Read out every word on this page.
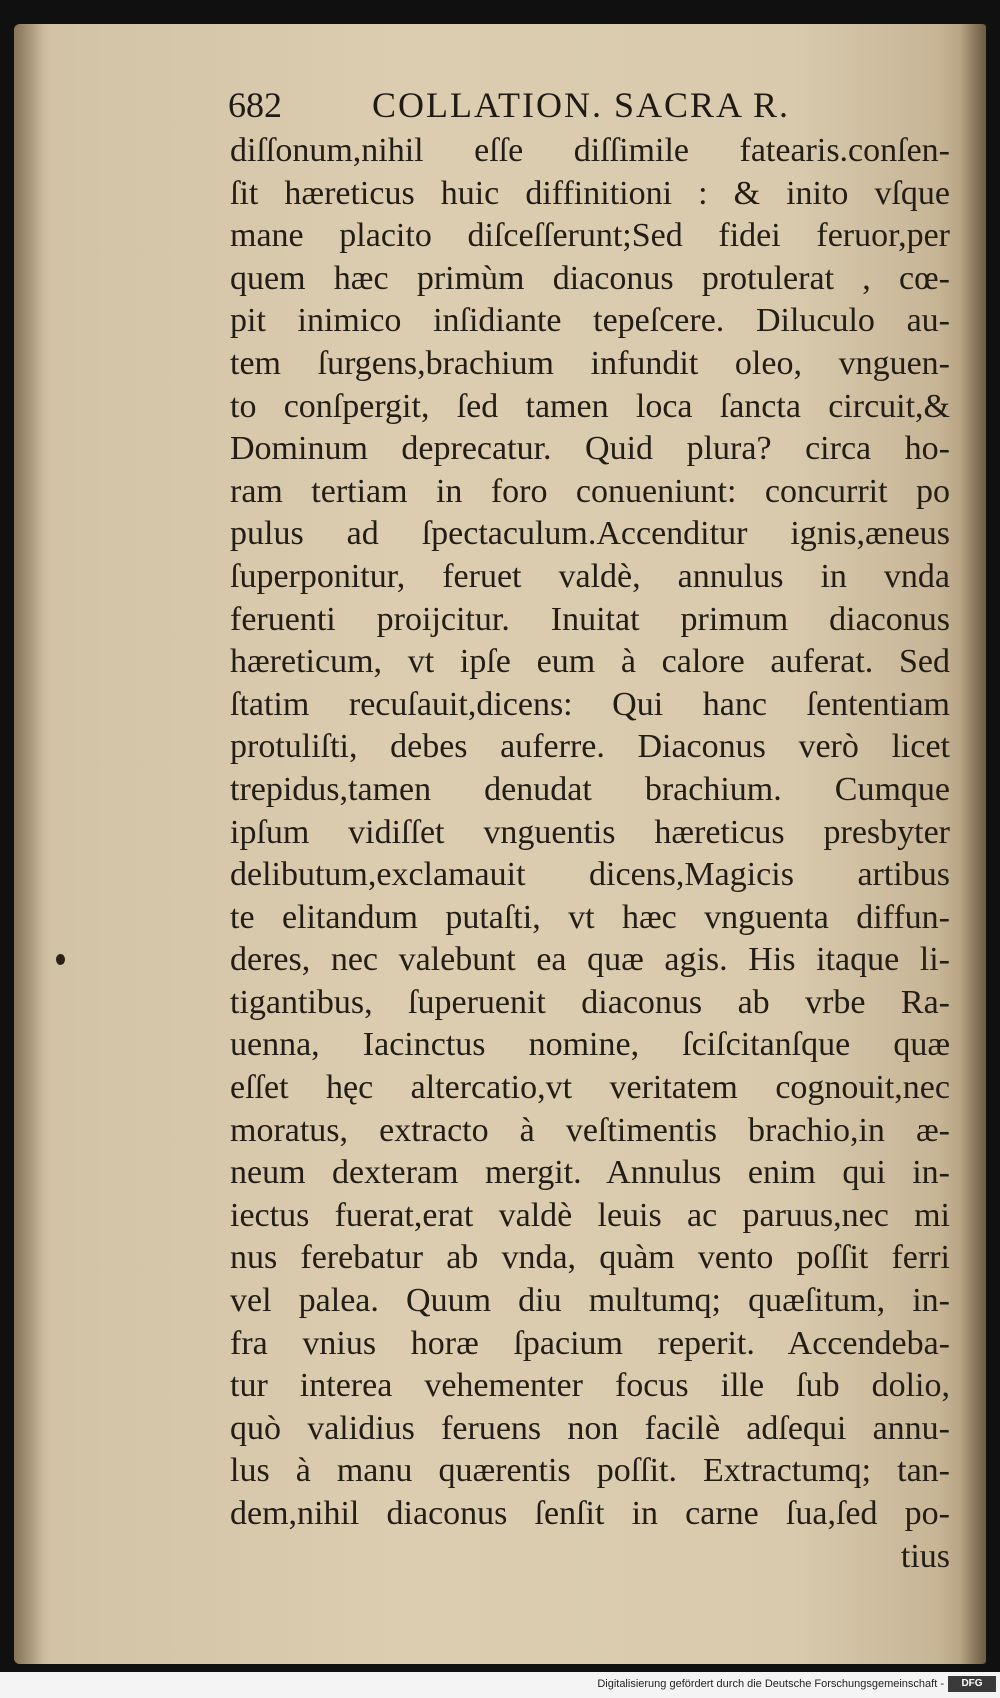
682	COLLATION. SACRA R.
diſſonum,nihil eſſe diſſimile fatearis.conſen-
ſit hæreticus huic diffinitioni : & inito vſque
mane placito diſceſſerunt;Sed fidei feruor,per
quem hæc primùm diaconus protulerat , cœ-
pit inimico inſidiante tepeſcere. Diluculo au-
tem ſurgens,brachium infundit oleo, vnguen-
to conſpergit, ſed tamen loca ſancta circuit,&
Dominum deprecatur. Quid plura? circa ho-
ram tertiam in foro conueniunt: concurrit po
pulus ad ſpectaculum.Accenditur ignis,æneus
ſuperponitur, feruet valdè, annulus in vnda
feruenti proijcitur. Inuitat primum diaconus
hæreticum, vt ipſe eum à calore auferat. Sed
ſtatim recuſauit,dicens: Qui hanc ſententiam
protuliſti, debes auferre. Diaconus verò licet
trepidus,tamen denudat brachium. Cumque
ipſum vidiſſet vnguentis hæreticus presbyter
delibutum,exclamauit dicens,Magicis artibus
te elitandum putaſti, vt hæc vnguenta diffun-
deres, nec valebunt ea quæ agis. His itaque li-
tigantibus, ſuperuenit diaconus ab vrbe Ra-
uenna, Iacinctus nomine, ſciſcitanſque quæ
eſſet hęc altercatio,vt veritatem cognouit,nec
moratus, extracto à veſtimentis brachio,in æ-
neum dexteram mergit. Annulus enim qui in-
iectus fuerat,erat valdè leuis ac paruus,nec mi
nus ferebatur ab vnda, quàm vento poſſit ferri
vel palea. Quum diu multumq; quæſitum, in-
fra vnius horæ ſpacium reperit. Accendeba-
tur interea vehementer focus ille ſub dolio,
quò validius feruens non facilè adſequi annu-
lus à manu quærentis poſſit. Extractumq; tan-
dem,nihil diaconus ſenſit in carne ſua,ſed po-
tius
Digitalisierung gefördert durch die Deutsche Forschungsgemeinschaft -	DFG
